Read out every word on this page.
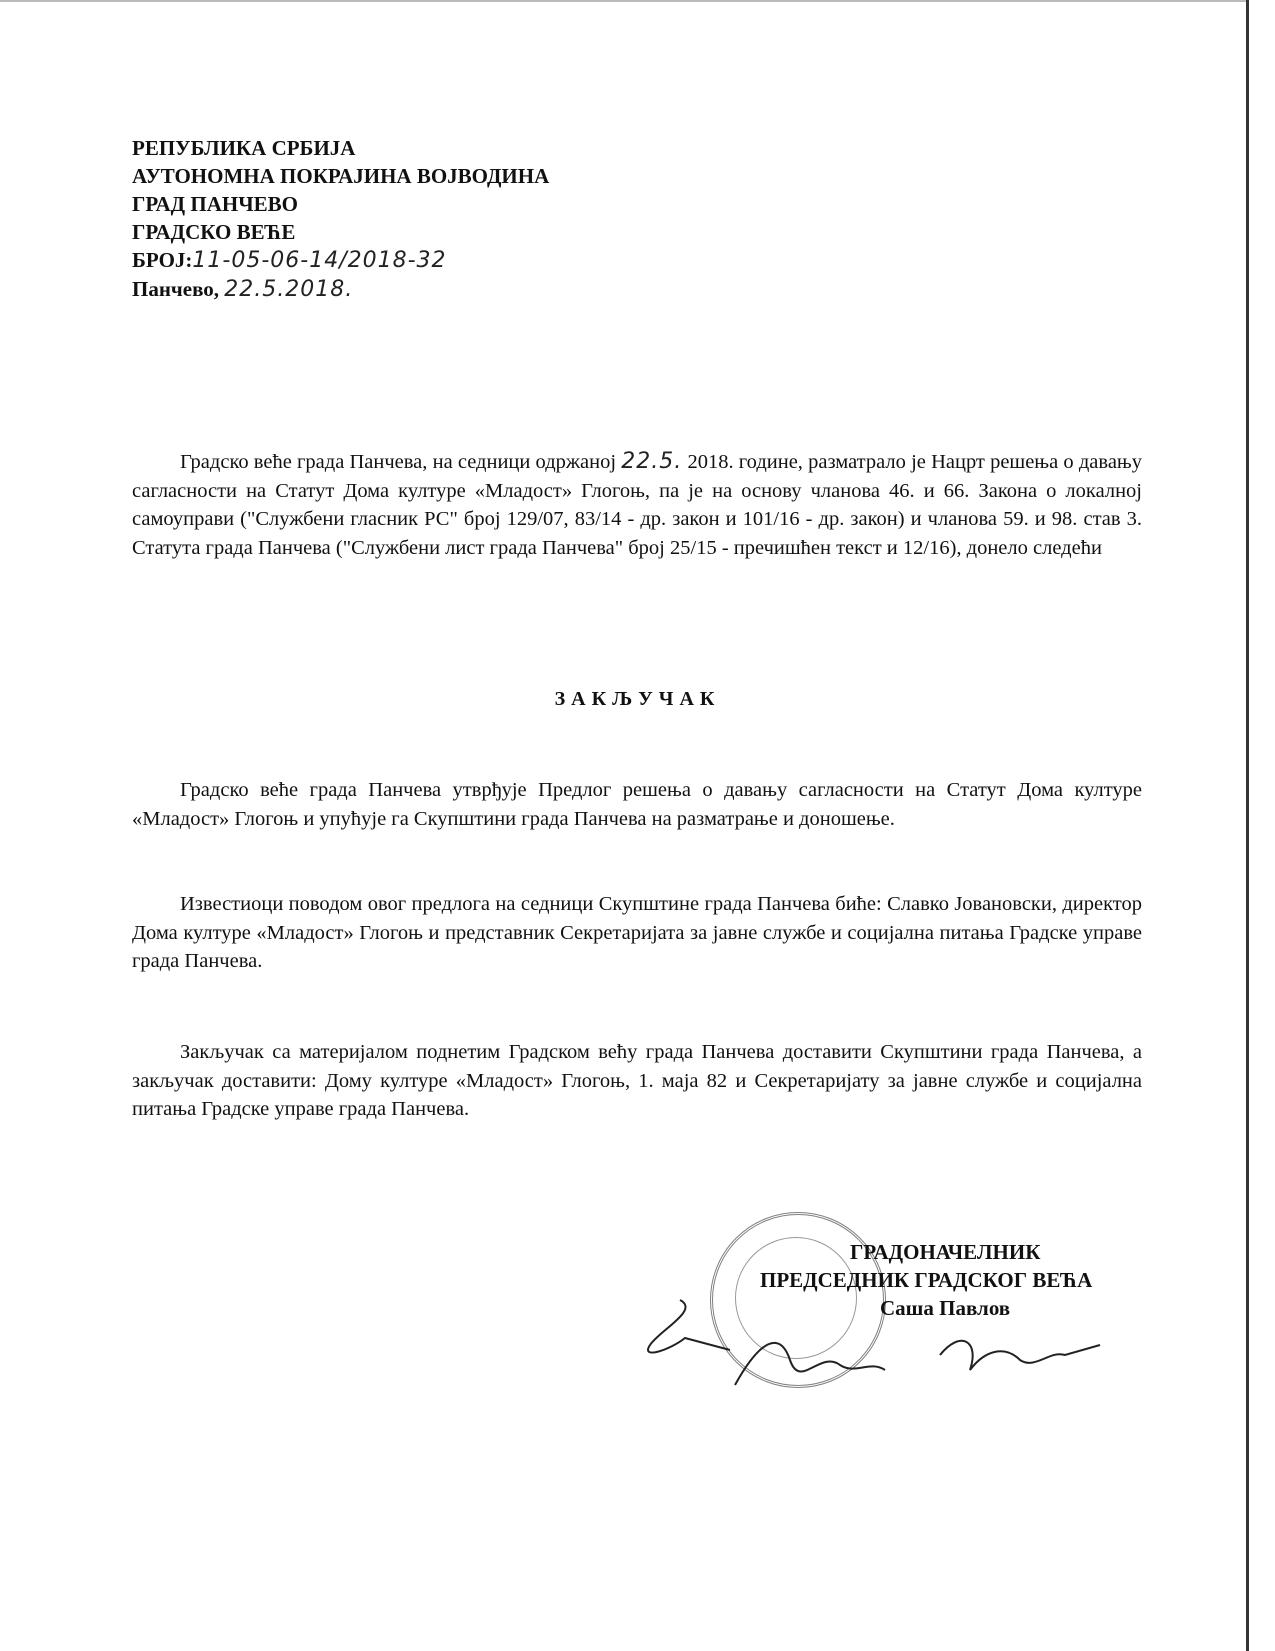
РЕПУБЛИКА СРБИЈА
АУТОНОМНА ПОКРАЈИНА ВОЈВОДИНА
ГРАД ПАНЧЕВО
ГРАДСКО ВЕЋЕ
БРОЈ:11-05-06-14/2018-32
Панчево, 22.5.2018.
Градско веће града Панчева, на седници одржаној 22.5. 2018. године, разматрало је Нацрт решења о давању сагласности на Статут Дома културе «Младост» Глогоњ, па је на основу чланова 46. и 66. Закона о локалној самоуправи ("Службени гласник РС" број 129/07, 83/14 - др. закон и 101/16 - др. закон) и чланова 59. и 98. став 3. Статута града Панчева ("Службени лист града Панчева" број 25/15 - пречишћен текст и 12/16), донело следећи
ЗАКЉУЧАК
Градско веће града Панчева утврђује Предлог решења о давању сагласности на Статут Дома културе «Младост» Глогоњ и упућује га Скупштини града Панчева на разматрање и доношење.
Известиоци поводом овог предлога на седници Скупштине града Панчева биће: Славко Јовановски, директор Дома културе «Младост» Глогоњ и представник Секретаријата за јавне службе и социјална питања Градске управе града Панчева.
Закључак са материјалом поднетим Градском већу града Панчева доставити Скупштини града Панчева, а закључак доставити: Дому културе «Младост» Глогоњ, 1. маја 82 и Секретаријату за јавне службе и социјална питања Градске управе града Панчева.
ГРАДОНАЧЕЛНИК
ПРЕДСЕДНИК ГРАДСКОГ ВЕЋА
Саша Павлов
